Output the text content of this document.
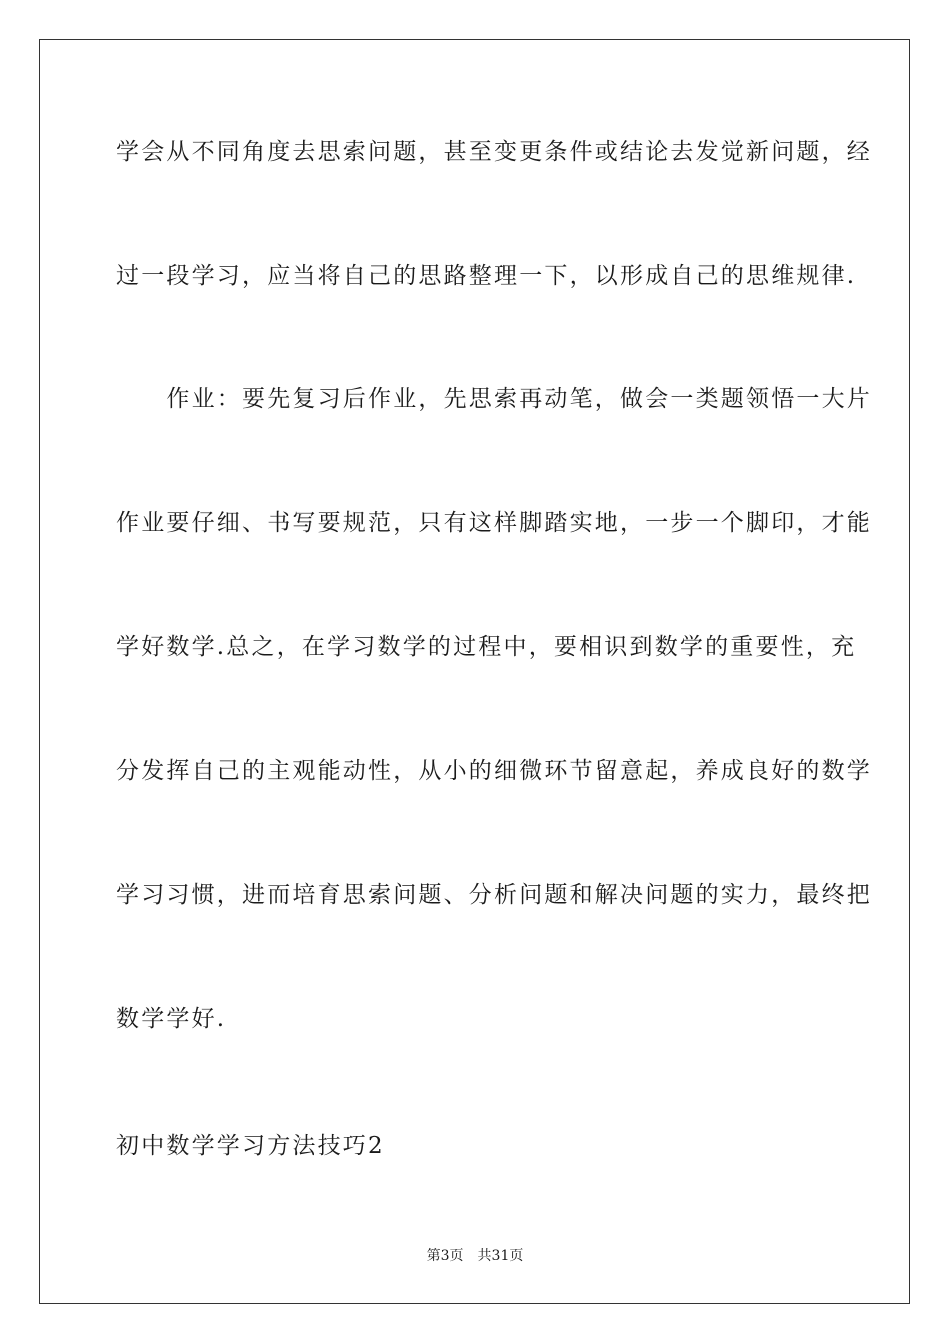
学会从不同角度去思索问题，甚至变更条件或结论去发觉新问题，经
过一段学习，应当将自己的思路整理一下，以形成自己的思维规律.
　　作业：要先复习后作业，先思索再动笔，做会一类题领悟一大片
作业要仔细、书写要规范，只有这样脚踏实地，一步一个脚印，才能
学好数学.总之，在学习数学的过程中，要相识到数学的重要性，充
分发挥自己的主观能动性，从小的细微环节留意起，养成良好的数学
学习习惯，进而培育思索问题、分析问题和解决问题的实力，最终把
数学学好.
初中数学学习方法技巧2
第3页 共31页
